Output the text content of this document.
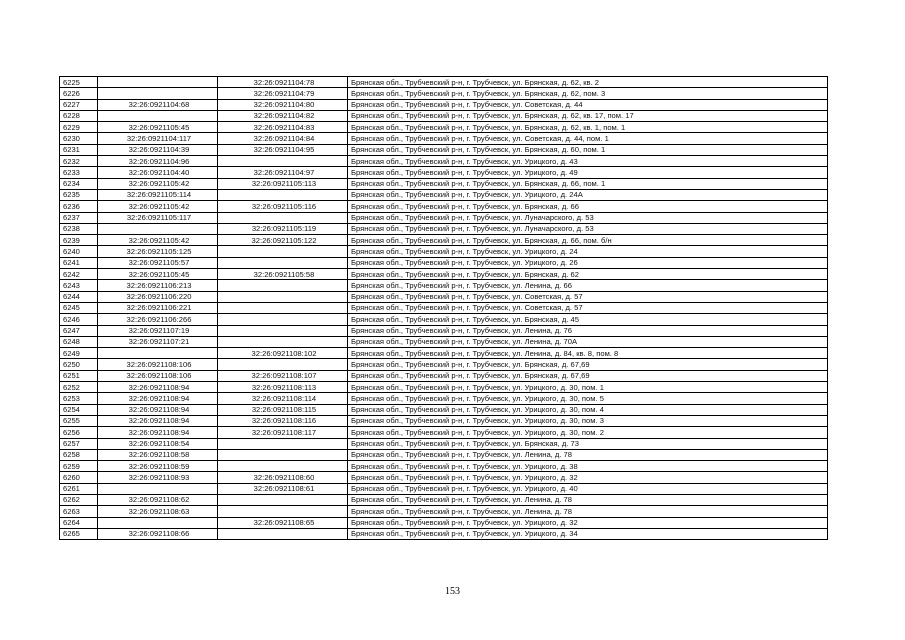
6225		32:26:0921104:78	Брянская обл., Трубчевский р-н, г. Трубчевск, ул. Брянская, д. 62, кв. 2
6226		32:26:0921104:79	Брянская обл., Трубчевский р-н, г. Трубчевск, ул. Брянская, д. 62, пом. 3
6227	32:26:0921104:68	32:26:0921104:80	Брянская обл., Трубчевский р-н, г. Трубчевск, ул. Советская, д. 44
6228		32:26:0921104:82	Брянская обл., Трубчевский р-н, г. Трубчевск, ул. Брянская, д. 62, кв. 17, пом. 17
6229	32:26:0921105:45	32:26:0921104:83	Брянская обл., Трубчевский р-н, г. Трубчевск, ул. Брянская, д. 62, кв. 1, пом. 1
6230	32:26:0921104:117	32:26:0921104:84	Брянская обл., Трубчевский р-н, г. Трубчевск, ул. Советская, д. 44, пом. 1
6231	32:26:0921104:39	32:26:0921104:95	Брянская обл., Трубчевский р-н, г. Трубчевск, ул. Брянская, д. 60, пом. 1
6232	32:26:0921104:96		Брянская обл., Трубчевский р-н, г. Трубчевск, ул. Урицкого, д. 43
6233	32:26:0921104:40	32:26:0921104:97	Брянская обл., Трубчевский р-н, г. Трубчевск, ул. Урицкого, д. 49
6234	32:26:0921105:42	32:26:0921105:113	Брянская обл., Трубчевский р-н, г. Трубчевск, ул. Брянская, д. 66, пом. 1
6235	32:26:0921105:114		Брянская обл., Трубчевский р-н, г. Трубчевск, ул. Урицкого, д. 24А
6236	32:26:0921105:42	32:26:0921105:116	Брянская обл., Трубчевский р-н, г. Трубчевск, ул. Брянская, д. 66
6237	32:26:0921105:117		Брянская обл., Трубчевский р-н, г. Трубчевск, ул. Луначарского, д. 53
6238		32:26:0921105:119	Брянская обл., Трубчевский р-н, г. Трубчевск, ул. Луначарского, д. 53
6239	32:26:0921105:42	32:26:0921105:122	Брянская обл., Трубчевский р-н, г. Трубчевск, ул. Брянская, д. 66, пом. б/н
6240	32:26:0921105:125		Брянская обл., Трубчевский р-н, г. Трубчевск, ул. Урицкого, д. 24
6241	32:26:0921105:57		Брянская обл., Трубчевский р-н, г. Трубчевск, ул. Урицкого, д. 26
6242	32:26:0921105:45	32:26:0921105:58	Брянская обл., Трубчевский р-н, г. Трубчевск, ул. Брянская, д. 62
6243	32:26:0921106:213		Брянская обл., Трубчевский р-н, г. Трубчевск, ул. Ленина, д. 66
6244	32:26:0921106:220		Брянская обл., Трубчевский р-н, г. Трубчевск, ул. Советская, д. 57
6245	32:26:0921106:221		Брянская обл., Трубчевский р-н, г. Трубчевск, ул. Советская, д. 57
6246	32:26:0921106:266		Брянская обл., Трубчевский р-н, г. Трубчевск, ул. Брянская, д. 45
6247	32:26:0921107:19		Брянская обл., Трубчевский р-н, г. Трубчевск, ул. Ленина, д. 76
6248	32:26:0921107:21		Брянская обл., Трубчевский р-н, г. Трубчевск, ул. Ленина, д. 70А
6249		32:26:0921108:102	Брянская обл., Трубчевский р-н, г. Трубчевск, ул. Ленина, д. 84, кв. 8, пом. 8
6250	32:26:0921108:106		Брянская обл., Трубчевский р-н, г. Трубчевск, ул. Брянская, д. 67,69
6251	32:26:0921108:106	32:26:0921108:107	Брянская обл., Трубчевский р-н, г. Трубчевск, ул. Брянская, д. 67,69
6252	32:26:0921108:94	32:26:0921108:113	Брянская обл., Трубчевский р-н, г. Трубчевск, ул. Урицкого, д. 30, пом. 1
6253	32:26:0921108:94	32:26:0921108:114	Брянская обл., Трубчевский р-н, г. Трубчевск, ул. Урицкого, д. 30, пом. 5
6254	32:26:0921108:94	32:26:0921108:115	Брянская обл., Трубчевский р-н, г. Трубчевск, ул. Урицкого, д. 30, пом. 4
6255	32:26:0921108:94	32:26:0921108:116	Брянская обл., Трубчевский р-н, г. Трубчевск, ул. Урицкого, д. 30, пом. 3
6256	32:26:0921108:94	32:26:0921108:117	Брянская обл., Трубчевский р-н, г. Трубчевск, ул. Урицкого, д. 30, пом. 2
6257	32:26:0921108:54		Брянская обл., Трубчевский р-н, г. Трубчевск, ул. Брянская, д. 73
6258	32:26:0921108:58		Брянская обл., Трубчевский р-н, г. Трубчевск, ул. Ленина, д. 78
6259	32:26:0921108:59		Брянская обл., Трубчевский р-н, г. Трубчевск, ул. Урицкого, д. 38
6260	32:26:0921108:93	32:26:0921108:60	Брянская обл., Трубчевский р-н, г. Трубчевск, ул. Урицкого, д. 32
6261		32:26:0921108:61	Брянская обл., Трубчевский р-н, г. Трубчевск, ул. Урицкого, д. 40
6262	32:26:0921108:62		Брянская обл., Трубчевский р-н, г. Трубчевск, ул. Ленина, д. 78
6263	32:26:0921108:63		Брянская обл., Трубчевский р-н, г. Трубчевск, ул. Ленина, д. 78
6264		32:26:0921108:65	Брянская обл., Трубчевский р-н, г. Трубчевск, ул. Урицкого, д. 32
6265	32:26:0921108:66		Брянская обл., Трубчевский р-н, г. Трубчевск, ул. Урицкого, д. 34
153
